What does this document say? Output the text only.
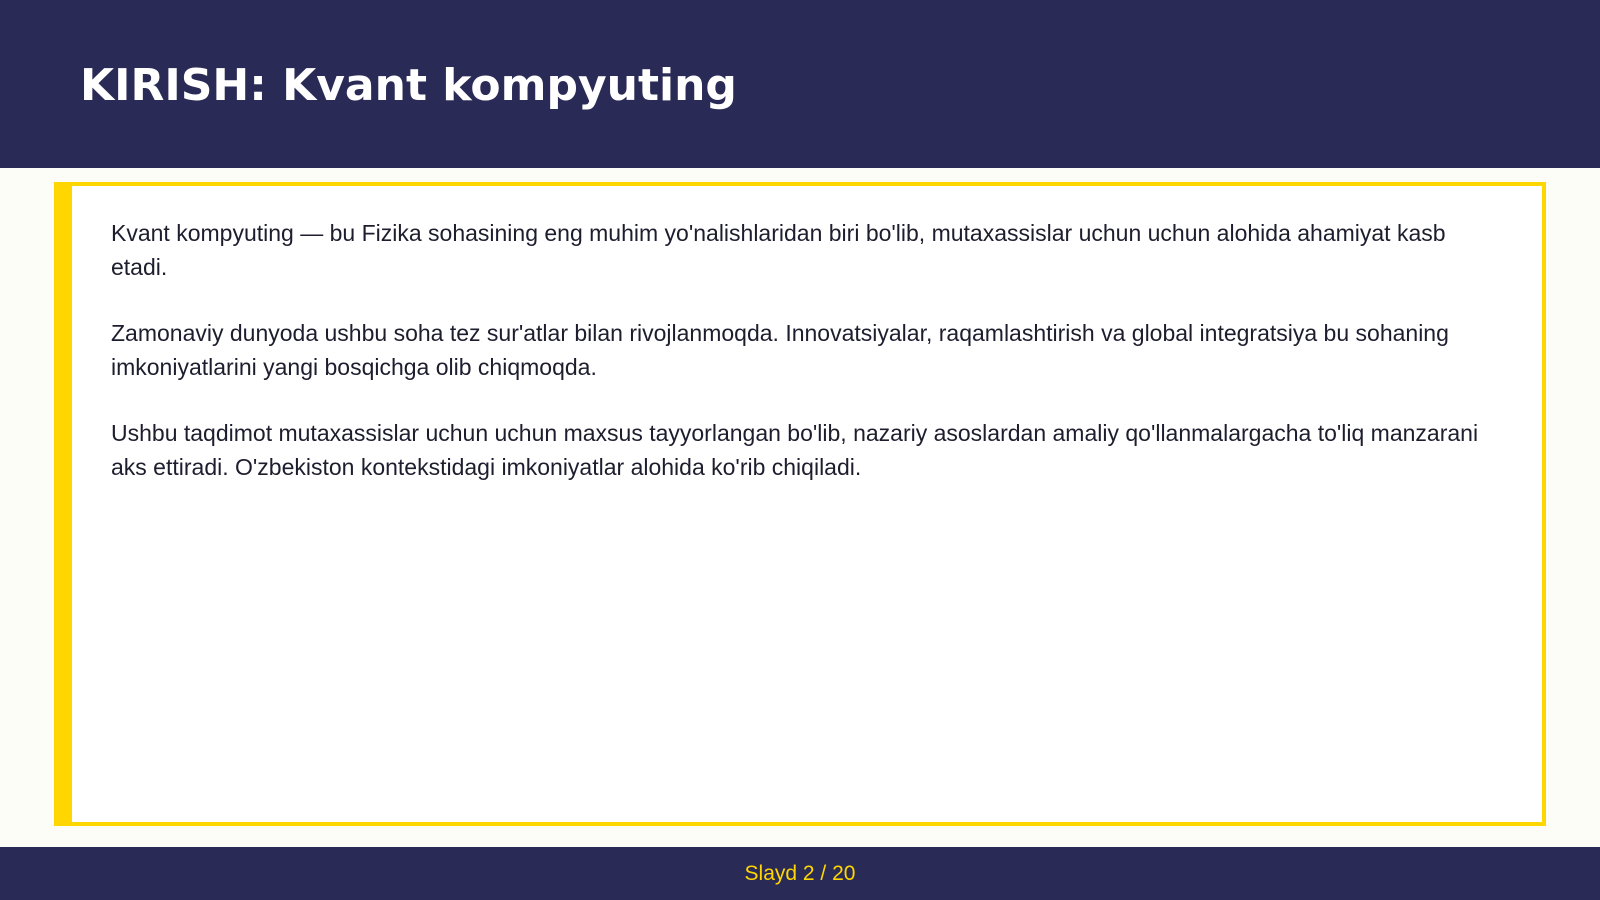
KIRISH: Kvant kompyuting

Kvant kompyuting — bu Fizika sohasining eng muhim yo'nalishlaridan biri bo'lib, mutaxassislar uchun uchun alohida ahamiyat kasb etadi.

Zamonaviy dunyoda ushbu soha tez sur'atlar bilan rivojlanmoqda. Innovatsiyalar, raqamlashtirish va global integratsiya bu sohaning imkoniyatlarini yangi bosqichga olib chiqmoqda.

Ushbu taqdimot mutaxassislar uchun uchun maxsus tayyorlangan bo'lib, nazariy asoslardan amaliy qo'llanmalargacha to'liq manzarani aks ettiradi. O'zbekiston kontekstidagi imkoniyatlar alohida ko'rib chiqiladi.

Slayd 2 / 20
